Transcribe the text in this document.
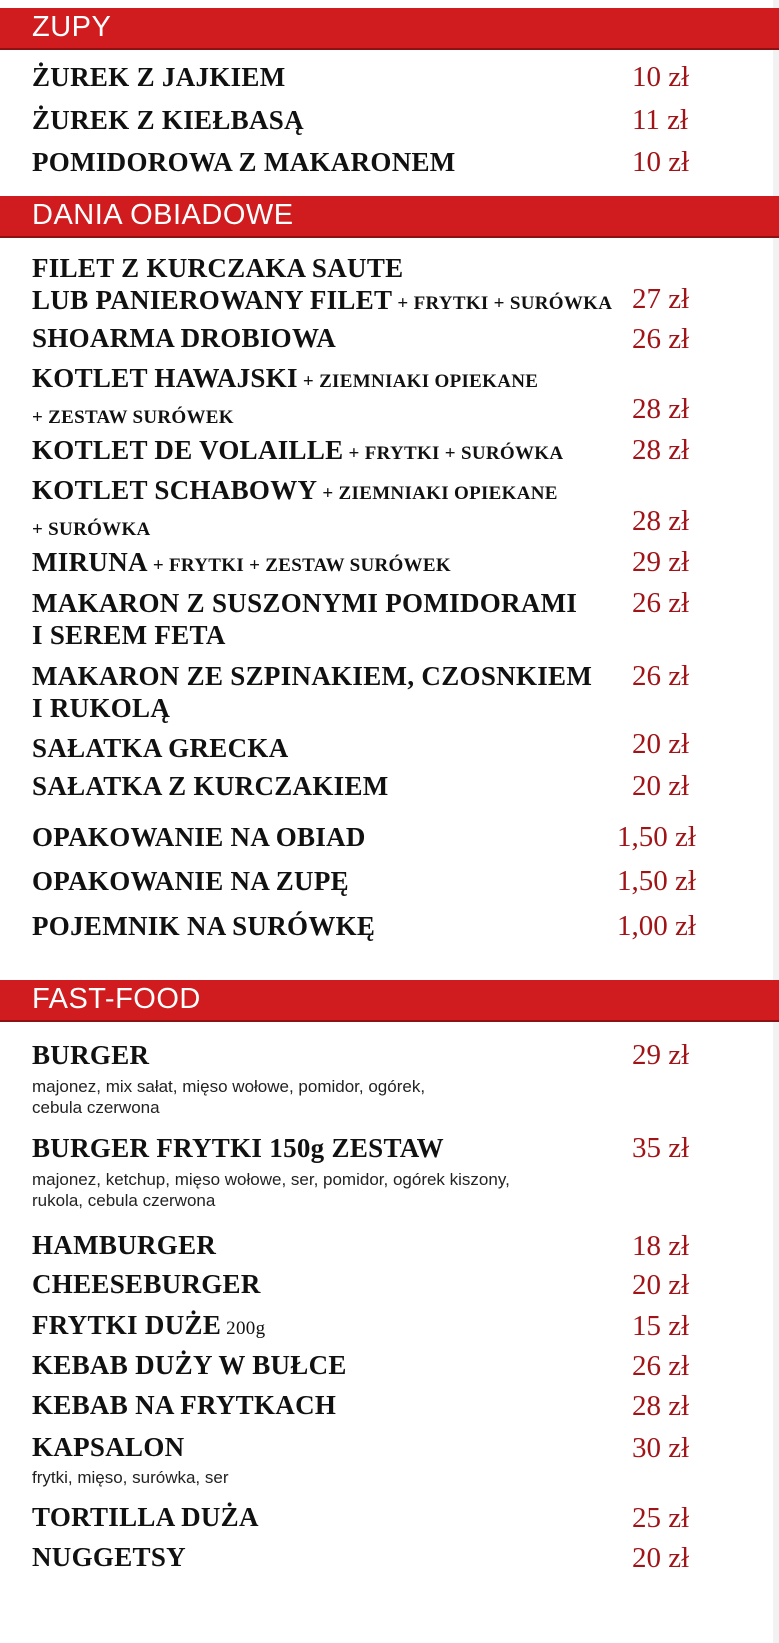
ZUPY
ŻUREK Z JAJKIEM	10 zł
ŻUREK Z KIEŁBASĄ	11 zł
POMIDOROWA Z MAKARONEM	10 zł
DANIA OBIADOWE
FILET Z KURCZAKA SAUTE
LUB PANIEROWANY FILET + FRYTKI + SURÓWKA 27 zł
SHOARMA DROBIOWA	26 zł
KOTLET HAWAJSKI + ZIEMNIAKI OPIEKANE
+ ZESTAW SURÓWEK	28 zł
KOTLET DE VOLAILLE + FRYTKI + SURÓWKA 28 zł
KOTLET SCHABOWY + ZIEMNIAKI OPIEKANE
+ SURÓWKA	28 zł
MIRUNA + FRYTKI + ZESTAW SURÓWEK	29 zł
MAKARON Z SUSZONYMI POMIDORAMI
I SEREM FETA
26 zł
MAKARON ZE SZPINAKIEM, CZOSNKIEM
I RUKOLĄ
26 zł
SAŁATKA GRECKA	20 zł
SAŁATKA Z KURCZAKIEM	20 zł
OPAKOWANIE NA OBIAD	1,50 zł
OPAKOWANIE NA ZUPĘ	1,50 zł
POJEMNIK NA SURÓWKĘ	1,00 zł
FAST-FOOD
BURGER	29 zł
majonez, mix sałat, mięso wołowe, pomidor, ogórek,
cebula czerwona
BURGER FRYTKI 150g ZESTAW	35 zł
majonez, ketchup, mięso wołowe, ser, pomidor, ogórek kiszony,
rukola, cebula czerwona
HAMBURGER	18 zł
CHEESEBURGER	20 zł
FRYTKI DUŻE 200g	15 zł
KEBAB DUŻY W BUŁCE	26 zł
KEBAB NA FRYTKACH	28 zł
KAPSALON	30 zł
frytki, mięso, surówka, ser
TORTILLA DUŻA	25 zł
NUGGETSY	20 zł
